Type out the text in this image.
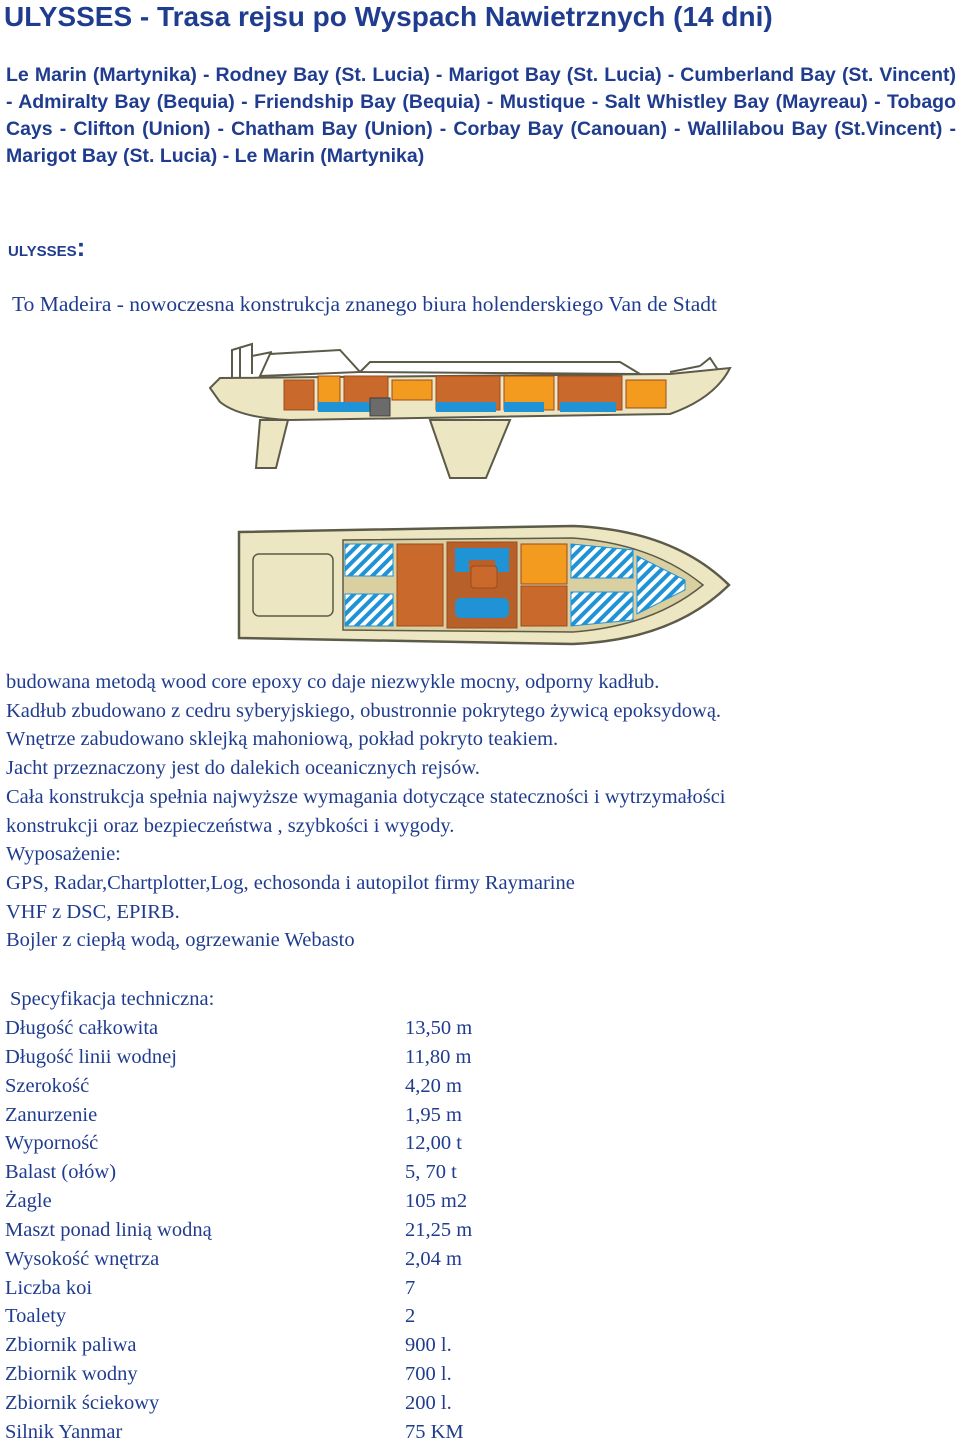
ULYSSES - Trasa rejsu po Wyspach Nawietrznych (14 dni)
Le Marin (Martynika) - Rodney Bay (St. Lucia) - Marigot Bay (St. Lucia) - Cumberland Bay (St. Vincent) - Admiralty Bay (Bequia) - Friendship Bay (Bequia) - Mustique - Salt Whistley Bay (Mayreau) - Tobago Cays - Clifton (Union) - Chatham Bay (Union) - Corbay Bay (Canouan) - Wallilabou Bay (St.Vincent) - Marigot Bay (St. Lucia) - Le Marin (Martynika)
ULYSSES:
To Madeira - nowoczesna konstrukcja znanego biura holenderskiego Van de Stadt

budowana metodą wood core epoxy co daje niezwykle mocny, odporny kadłub.

Kadłub zbudowano z cedru syberyjskiego, obustronnie pokrytego żywicą epoksydową.

Wnętrze zabudowano sklejką mahoniową, pokład pokryto teakiem.

Jacht przeznaczony jest do dalekich oceanicznych rejsów.

Cała konstrukcja spełnia najwyższe wymagania dotyczące stateczności i wytrzymałości

konstrukcji oraz bezpieczeństwa , szybkości i wygody.

Wyposażenie:

GPS, Radar,Chartplotter,Log, echosonda i autopilot firmy Raymarine

VHF z DSC, EPIRB.

Bojler z ciepłą wodą, ogrzewanie Webasto

Specyfikacja techniczna:
Długość całkowita	13,50 m
Długość linii wodnej	11,80 m
Szerokość	4,20 m
Zanurzenie	1,95 m
Wyporność	12,00 t
Balast (ołów)	5, 70 t
Żagle	105 m2
Maszt ponad linią wodną	21,25 m
Wysokość wnętrza	2,04 m
Liczba koi	7
Toalety	2
Zbiornik paliwa	900 l.
Zbiornik wodny	700 l.
Zbiornik ściekowy	200 l.
Silnik Yanmar	75 KM
